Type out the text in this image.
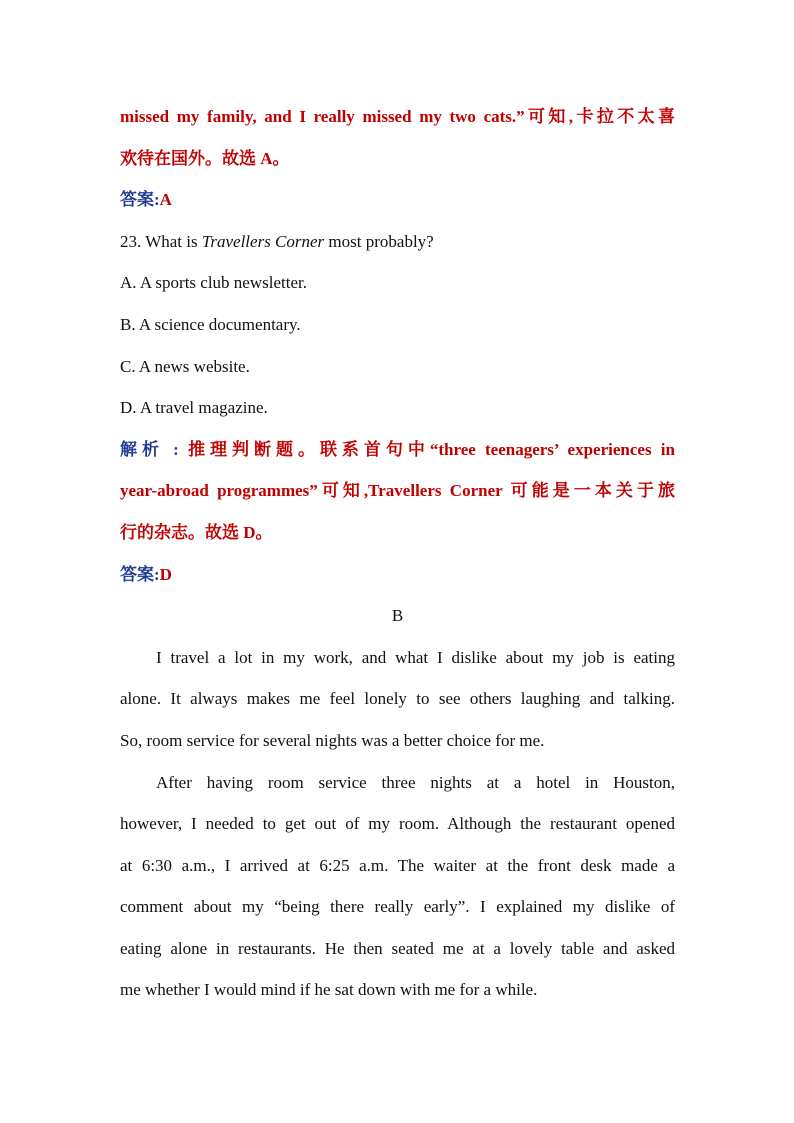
missed my family, and I really missed my two cats.”可知,卡拉不太喜
欢待在国外。故选 A。
答案:A
23. What is Travellers Corner most probably?
A. A sports club newsletter.
B. A science documentary.
C. A news website.
D. A travel magazine.
解析 : 推理判断题。联系首句中“three teenagers’ experiences in
year-abroad programmes”可知,Travellers Corner 可能是一本关于旅
行的杂志。故选 D。
答案:D
B
I travel a lot in my work, and what I dislike about my job is eating
alone. It always makes me feel lonely to see others laughing and talking.
So, room service for several nights was a better choice for me.
After having room service three nights at a hotel in Houston,
however, I needed to get out of my room. Although the restaurant opened
at 6:30 a.m., I arrived at 6:25 a.m. The waiter at the front desk made a
comment about my “being there really early”. I explained my dislike of
eating alone in restaurants. He then seated me at a lovely table and asked
me whether I would mind if he sat down with me for a while.
